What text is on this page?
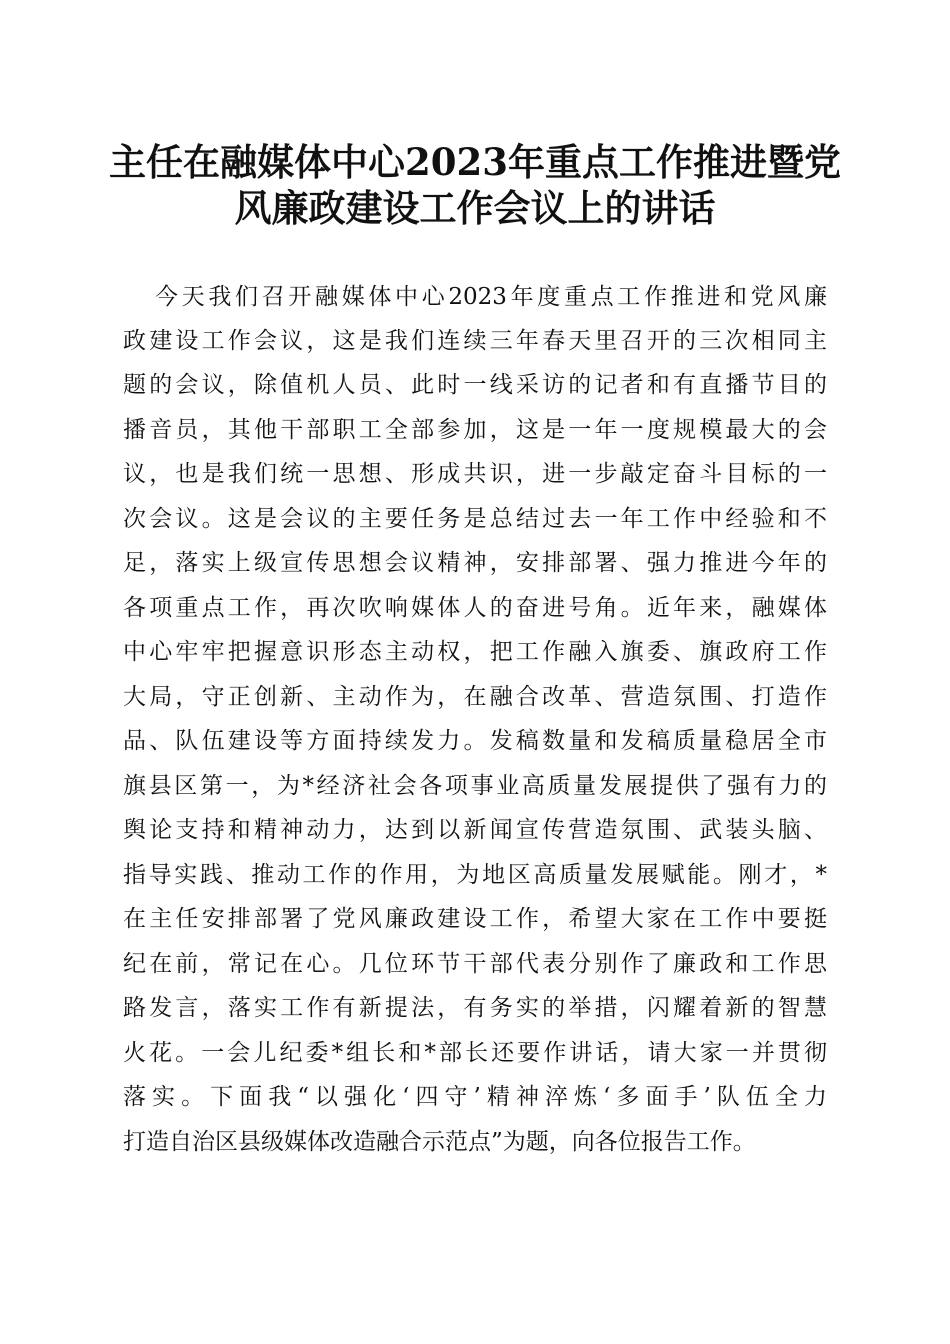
主任在融媒体中心2023年重点工作推进暨党
风廉政建设工作会议上的讲话
今天我们召开融媒体中心2023年度重点工作推进和党风廉
政建设工作会议，这是我们连续三年春天里召开的三次相同主
题的会议，除值机人员、此时一线采访的记者和有直播节目的
播音员，其他干部职工全部参加，这是一年一度规模最大的会
议，也是我们统一思想、形成共识，进一步敲定奋斗目标的一
次会议。这是会议的主要任务是总结过去一年工作中经验和不
足，落实上级宣传思想会议精神，安排部署、强力推进今年的
各项重点工作，再次吹响媒体人的奋进号角。近年来，融媒体
中心牢牢把握意识形态主动权，把工作融入旗委、旗政府工作
大局，守正创新、主动作为，在融合改革、营造氛围、打造作
品、队伍建设等方面持续发力。发稿数量和发稿质量稳居全市
旗县区第一，为*经济社会各项事业高质量发展提供了强有力的
舆论支持和精神动力，达到以新闻宣传营造氛围、武装头脑、
指导实践、推动工作的作用，为地区高质量发展赋能。刚才，*
在主任安排部署了党风廉政建设工作，希望大家在工作中要挺
纪在前，常记在心。几位环节干部代表分别作了廉政和工作思
路发言，落实工作有新提法，有务实的举措，闪耀着新的智慧
火花。一会儿纪委*组长和*部长还要作讲话，请大家一并贯彻
落实。下面我“以强化‘四守’精神淬炼‘多面手’队伍全力
打造自治区县级媒体改造融合示范点”为题，向各位报告工作。
